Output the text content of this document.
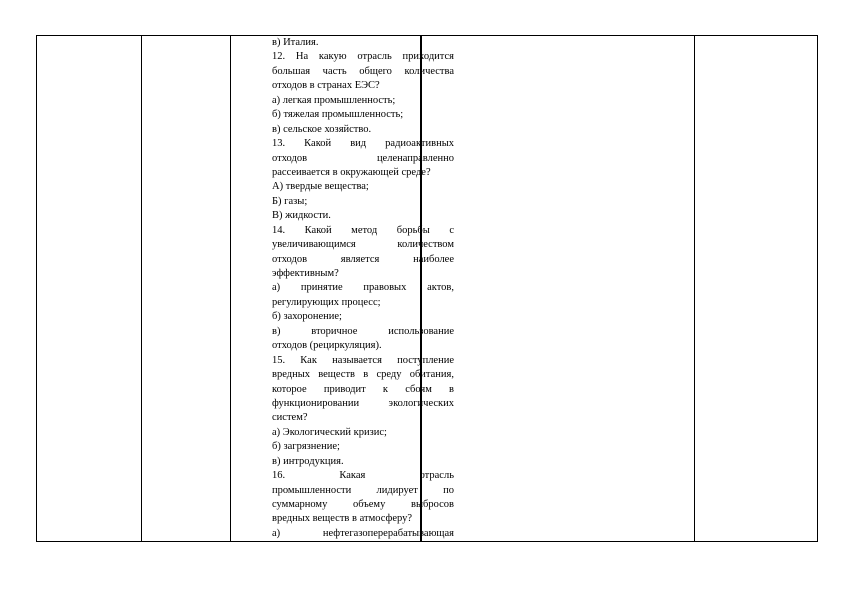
в) Италия.
12. На какую отрасль приходится
большая часть общего количества
отходов в странах ЕЭС?
а) легкая промышленность;
б) тяжелая промышленность;
в) сельское хозяйство.
13. Какой вид радиоактивных
отходов целенаправленно
рассеивается в окружающей среде?
А) твердые вещества;
Б) газы;
В) жидкости.
14. Какой метод борьбы с
увеличивающимся количеством
отходов является наиболее
эффективным?
а) принятие правовых актов,
регулирующих процесс;
б) захоронение;
в) вторичное использование
отходов (рециркуляция).
15. Как называется поступление
вредных веществ в среду обитания,
которое приводит к сбоям в
функционировании экологических
систем?
а) Экологический кризис;
б) загрязнение;
в) интродукция.
16. Какая отрасль
промышленности лидирует по
суммарному объему выбросов
вредных веществ в атмосферу?
а) нефтегазоперерабатывающая
